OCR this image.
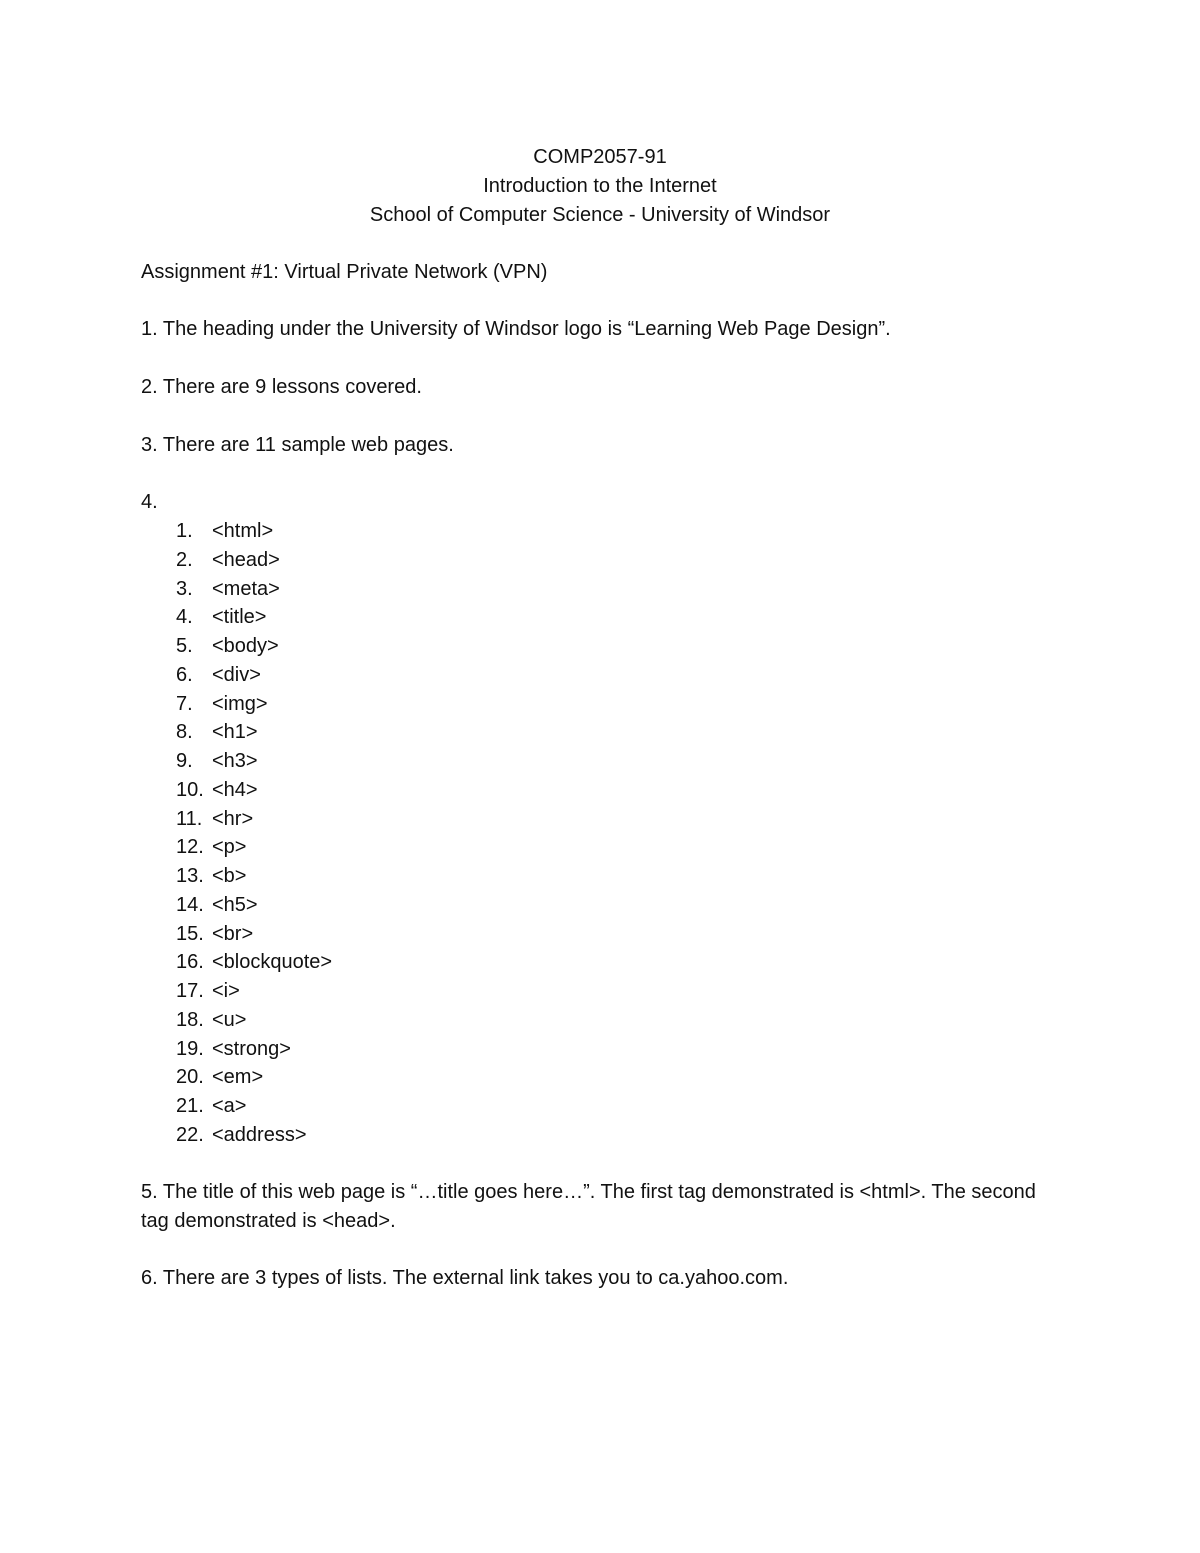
COMP2057-91
Introduction to the Internet
School of Computer Science - University of Windsor
Assignment #1: Virtual Private Network (VPN)
1. The heading under the University of Windsor logo is “Learning Web Page Design”.
2. There are 9 lessons covered.
3. There are 11 sample web pages.
4.
1. <html>
2. <head>
3. <meta>
4. <title>
5. <body>
6. <div>
7. <img>
8. <h1>
9. <h3>
10. <h4>
11. <hr>
12. <p>
13. <b>
14. <h5>
15. <br>
16. <blockquote>
17. <i>
18. <u>
19. <strong>
20. <em>
21. <a>
22. <address>
5. The title of this web page is “…title goes here…”. The first tag demonstrated is <html>. The second tag demonstrated is <head>.
6. There are 3 types of lists. The external link takes you to ca.yahoo.com.
